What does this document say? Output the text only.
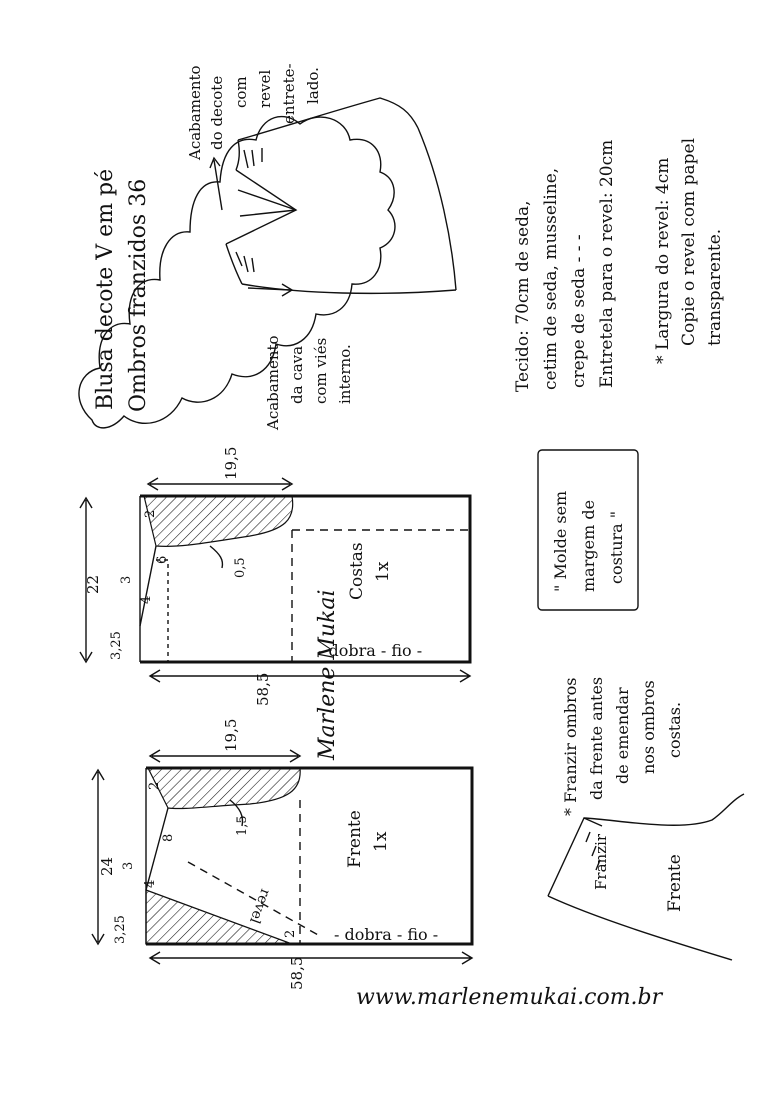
Blusa decote V em pé Ombros franzidos 36
Acabamento do decote com revel entrete- lado.
Acabamento da cava com viés interno.	Tecido: 70cm de seda, cetim de seda, musseline, crepe de seda - - - Entretela para o revel: 20cm * Largura do revel: 4cm Copie o revel com papel transparente.
" Molde sem margem de costura "
19,5
22
58,5
3
4
2
6
3,25
0,5	Costas 1x
- dobra - fio -
Marlene Mukai
19,5
24
58,5
3
4
2
8
3,25
1,5
2
revel
Frente 1x
- dobra - fio -
* Franzir ombros da frente antes de emendar nos ombros costas.
Franzir	Frente
www.marlenemukai.com.br
